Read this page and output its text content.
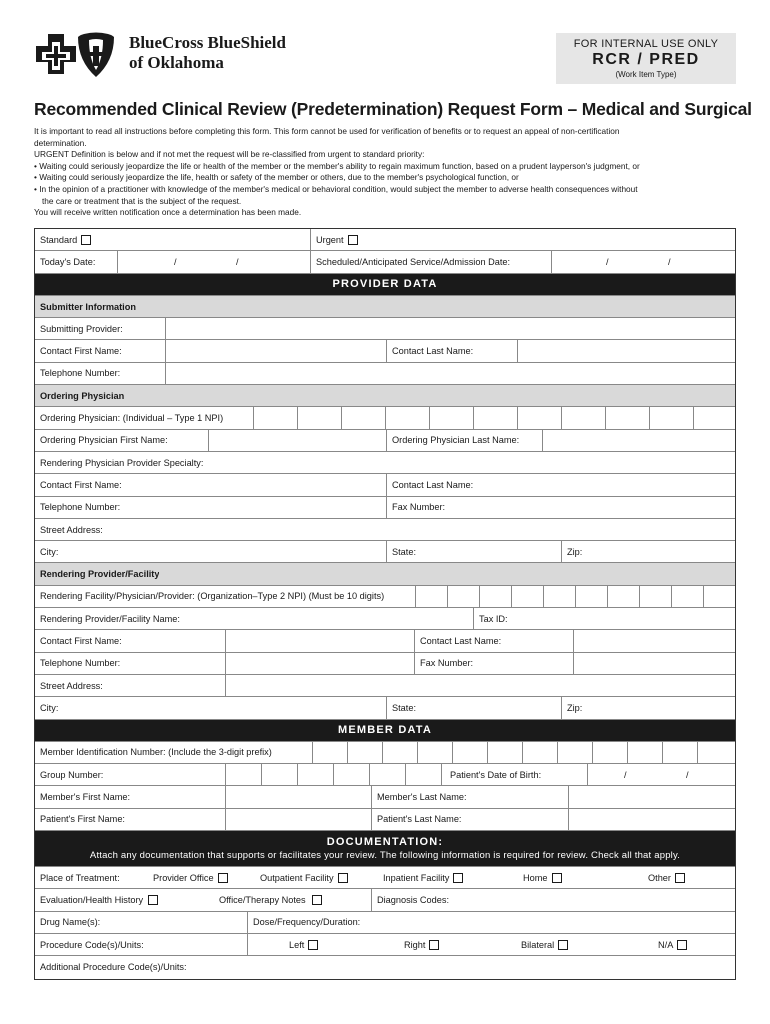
BlueCross BlueShield
of Oklahoma
FOR INTERNAL USE ONLY
RCR / PRED
(Work Item Type)
Recommended Clinical Review (Predetermination) Request Form – Medical and Surgical
It is important to read all instructions before completing this form. This form cannot be used for verification of benefits or to request an appeal of non-certification
determination.
URGENT Definition is below and if not met the request will be re-classified from urgent to standard priority:
• Waiting could seriously jeopardize the life or health of the member or the member's ability to regain maximum function, based on a prudent layperson's judgment, or
• Waiting could seriously jeopardize the life, health or safety of the member or others, due to the member's psychological function, or
• In the opinion of a practitioner with knowledge of the member's medical or behavioral condition, would subject the member to adverse health consequences without
the care or treatment that is the subject of the request.
You will receive written notification once a determination has been made.
Standard	Urgent
Today's Date:	/	/	Scheduled/Anticipated Service/Admission Date:	/	/
PROVIDER DATA
Submitter Information
Submitting Provider:
Contact First Name:	Contact Last Name:
Telephone Number:
Ordering Physician
Ordering Physician: (Individual – Type 1 NPI)
Ordering Physician First Name:	Ordering Physician Last Name:
Rendering Physician Provider Specialty:
Contact First Name:	Contact Last Name:
Telephone Number:	Fax Number:
Street Address:
City:	State:	Zip:
Rendering Provider/Facility
Rendering Facility/Physician/Provider: (Organization–Type 2 NPI) (Must be 10 digits)
Rendering Provider/Facility Name:	Tax ID:
Contact First Name:	Contact Last Name:
Telephone Number:	Fax Number:
Street Address:
City:	State:	Zip:
MEMBER DATA
Member Identification Number: (Include the 3-digit prefix)
Group Number:	Patient's Date of Birth:	/	/
Member's First Name:	Member's Last Name:
Patient's First Name:	Patient's Last Name:
DOCUMENTATION:
Attach any documentation that supports or facilitates your review. The following information is required for review. Check all that apply.
Place of Treatment:	Provider Office	Outpatient Facility	Inpatient Facility	Home	Other
Evaluation/Health History	Office/Therapy Notes	Diagnosis Codes:
Drug Name(s):	Dose/Frequency/Duration:
Procedure Code(s)/Units:	Left	Right	Bilateral	N/A
Additional Procedure Code(s)/Units:
